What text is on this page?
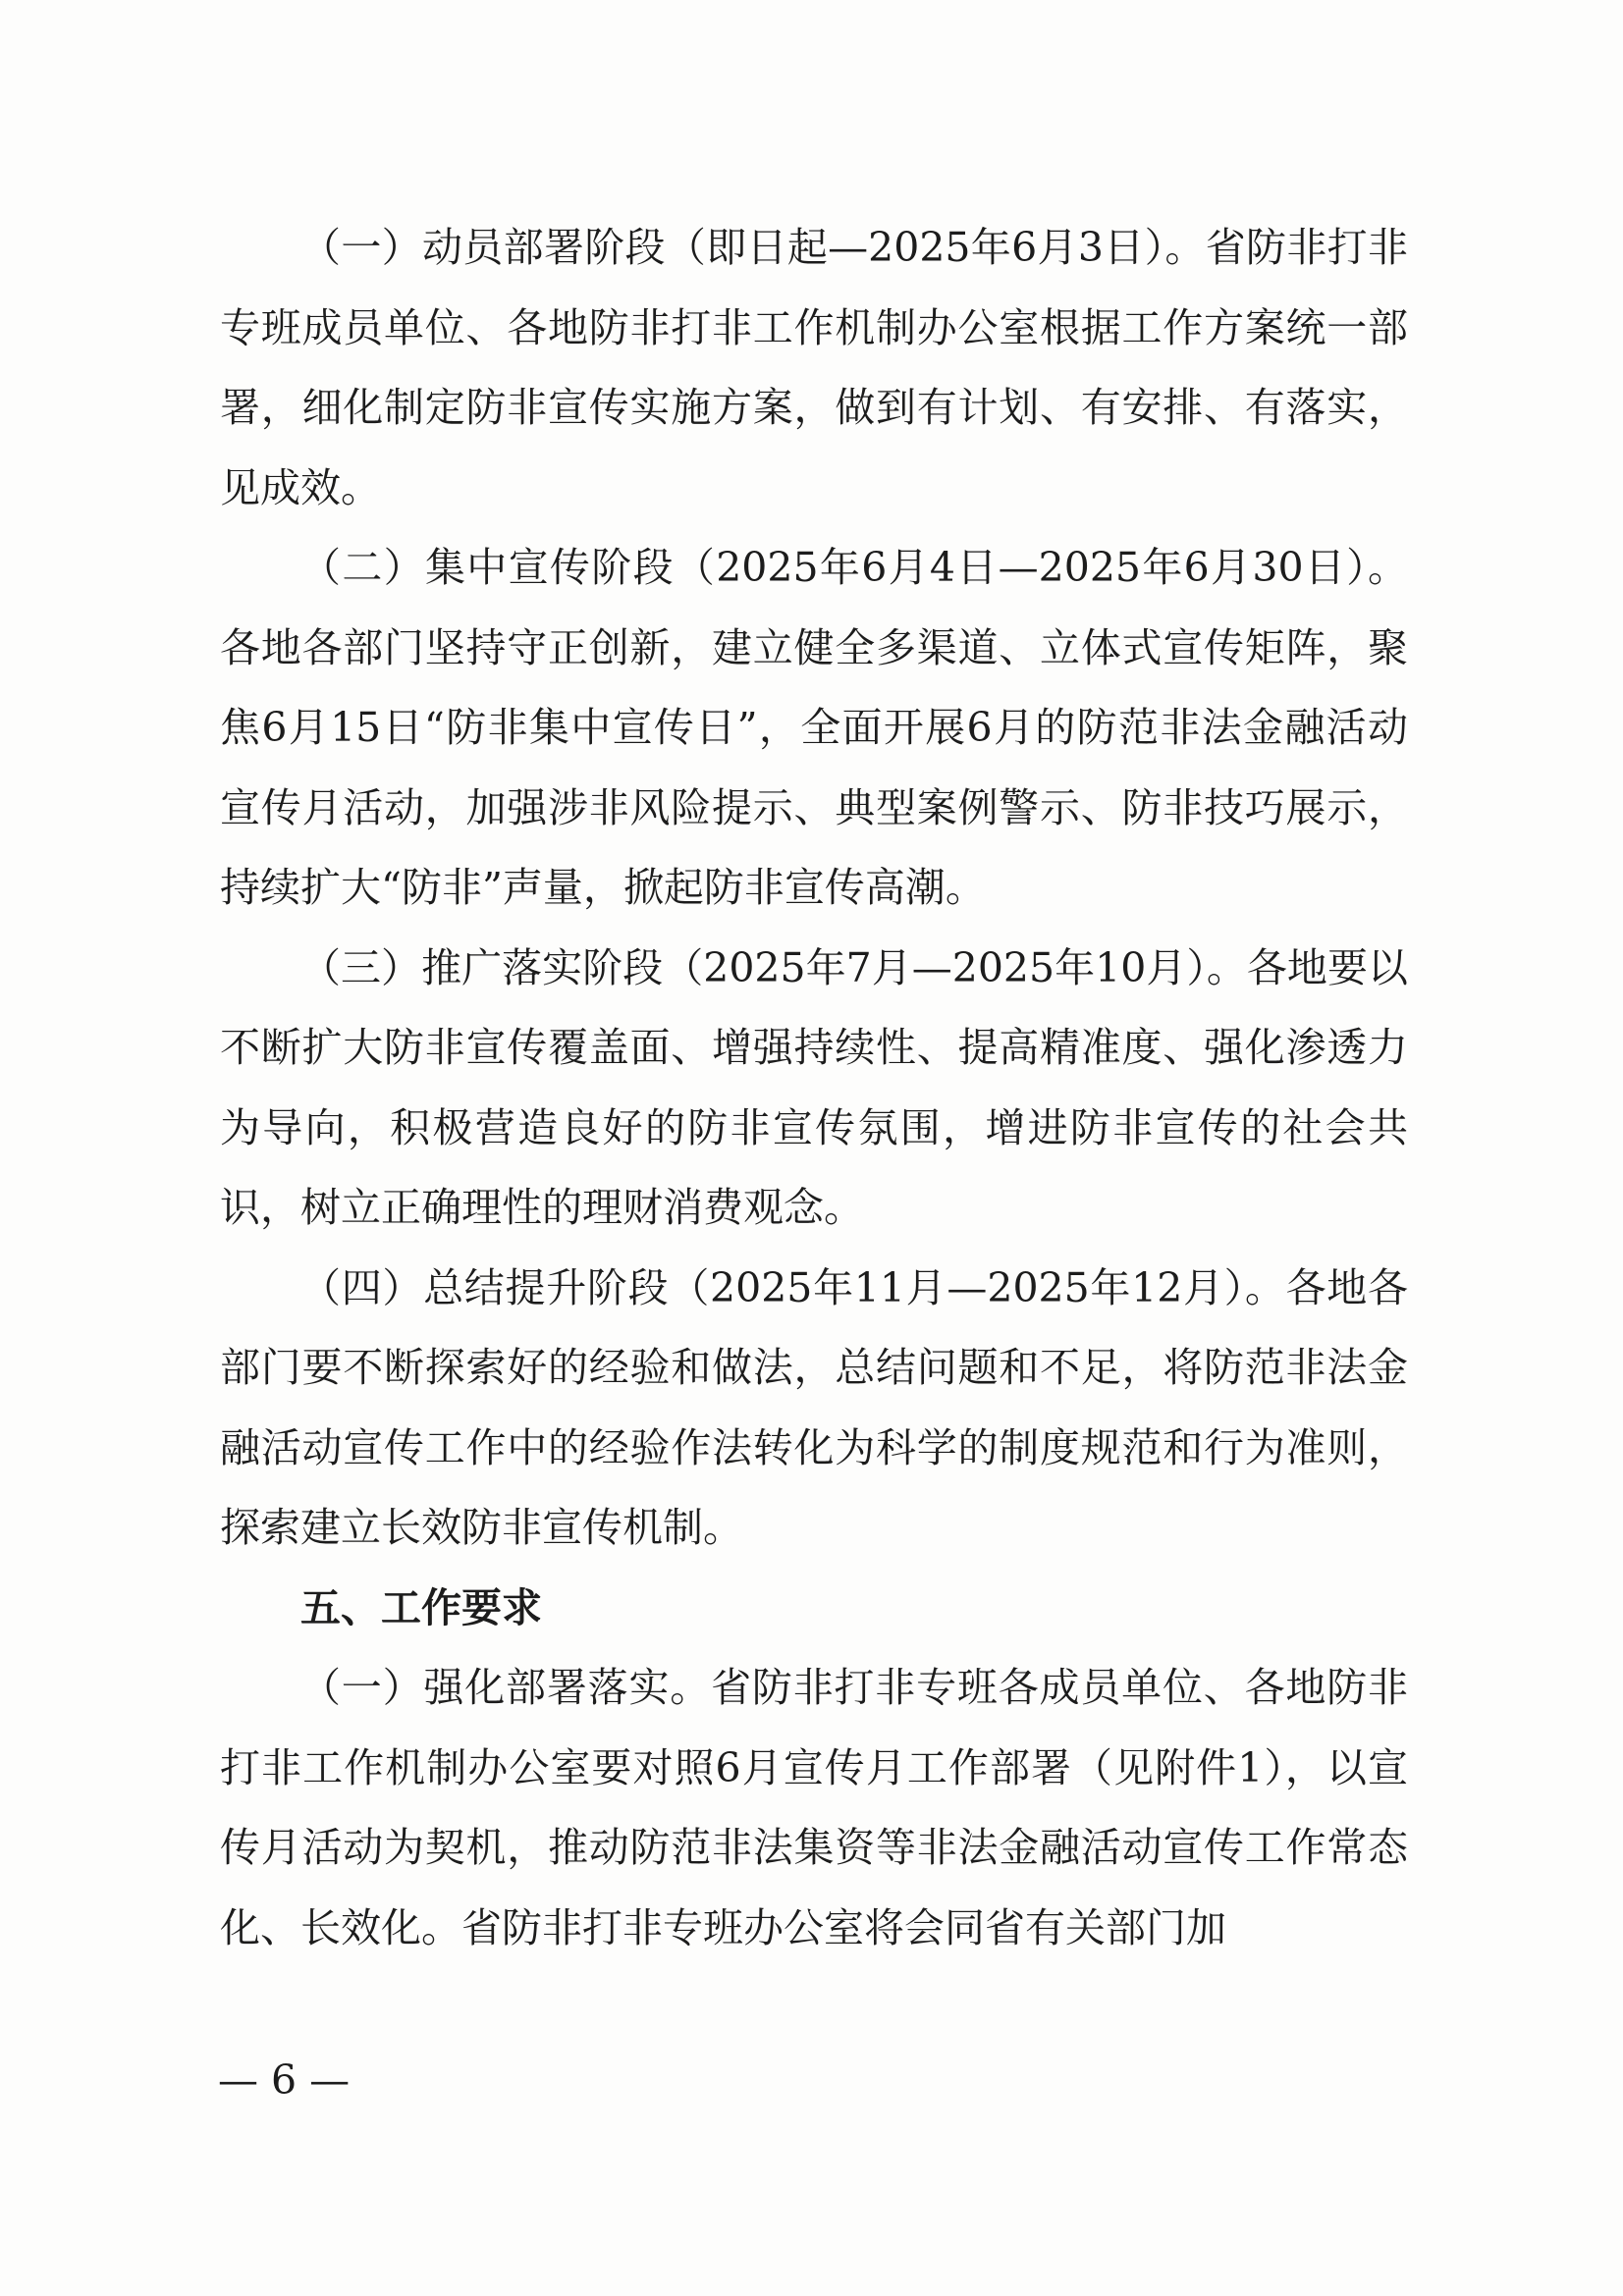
（一）动员部署阶段（即日起—2025年6月3日）。省防非打非专班成员单位、各地防非打非工作机制办公室根据工作方案统一部署，细化制定防非宣传实施方案，做到有计划、有安排、有落实，见成效。

（二）集中宣传阶段（2025年6月4日—2025年6月30日）。各地各部门坚持守正创新，建立健全多渠道、立体式宣传矩阵，聚焦6月15日“防非集中宣传日”，全面开展6月的防范非法金融活动宣传月活动，加强涉非风险提示、典型案例警示、防非技巧展示，持续扩大“防非”声量，掀起防非宣传高潮。

（三）推广落实阶段（2025年7月—2025年10月）。各地要以不断扩大防非宣传覆盖面、增强持续性、提高精准度、强化渗透力为导向，积极营造良好的防非宣传氛围，增进防非宣传的社会共识，树立正确理性的理财消费观念。

（四）总结提升阶段（2025年11月—2025年12月）。各地各部门要不断探索好的经验和做法，总结问题和不足，将防范非法金融活动宣传工作中的经验作法转化为科学的制度规范和行为准则，探索建立长效防非宣传机制。

五、工作要求

（一）强化部署落实。省防非打非专班各成员单位、各地防非打非工作机制办公室要对照6月宣传月工作部署（见附件1），以宣传月活动为契机，推动防范非法集资等非法金融活动宣传工作常态化、长效化。省防非打非专班办公室将会同省有关部门加

— 6 —
